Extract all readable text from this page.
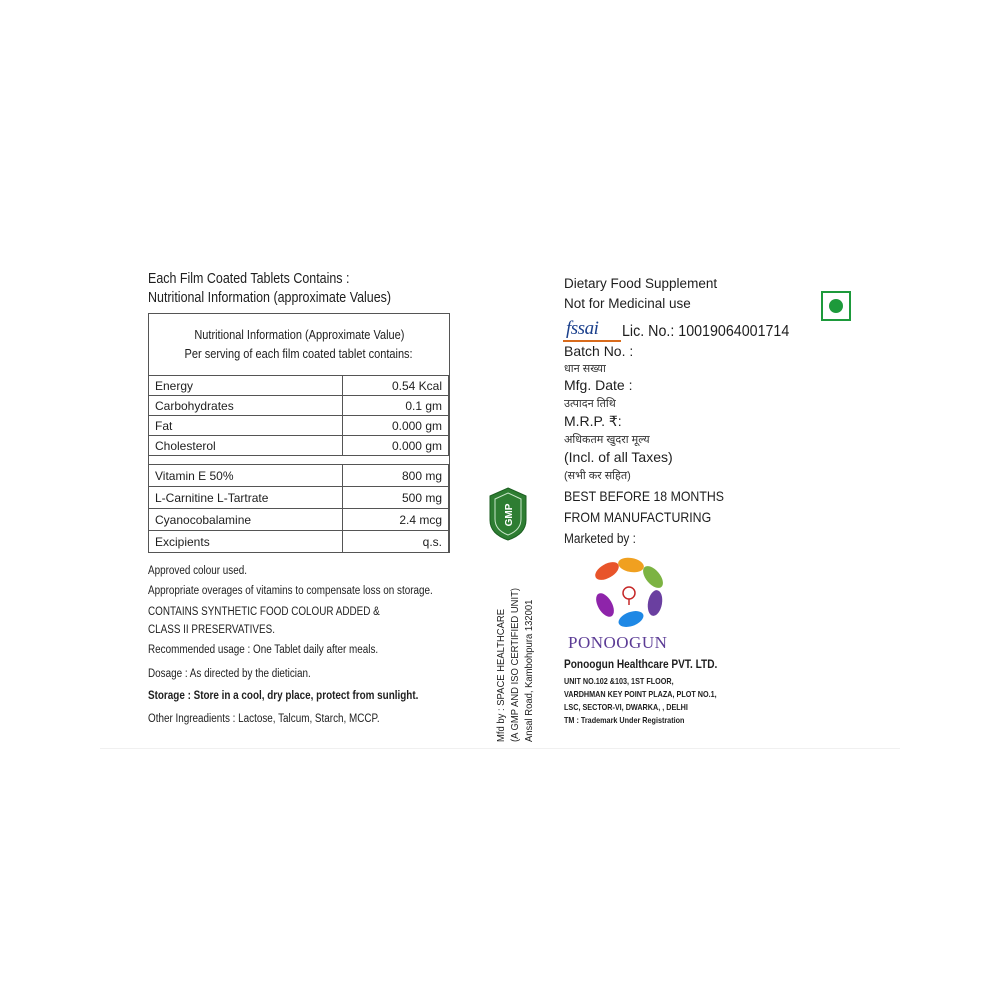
Each Film Coated Tablets Contains :
Nutritional Information (approximate Values)
Nutritional Information (Approximate Value)
Per serving of each film coated tablet contains:
Energy	0.54 Kcal
Carbohydrates	0.1 gm
Fat	0.000 gm
Cholesterol	0.000 gm
Vitamin E 50%	800 mg
L-Carnitine L-Tartrate	500 mg
Cyanocobalamine	2.4 mcg
Excipients	q.s.
Approved colour used.
Appropriate overages of vitamins to compensate loss on storage.
CONTAINS SYNTHETIC FOOD COLOUR ADDED &
CLASS II PRESERVATIVES.
Recommended usage : One Tablet daily after meals.
Dosage : As directed by the dietician.
Storage : Store in a cool, dry place, protect from sunlight.
Other Ingreadients : Lactose, Talcum, Starch, MCCP.
GMP
Mfd by : SPACE HEALTHCARE (A GMP AND ISO CERTIFIED UNIT) Ansal Road, Kambohpura 132001
Dietary Food Supplement
Not for Medicinal use
fssai Lic. No.: 10019064001714
Batch No. :
धान सख्या
Mfg. Date :
उत्पादन तिथि
M.R.P. ₹:
अधिकतम खुदरा मूल्य
(Incl. of all Taxes)
(सभी कर सहित)
BEST BEFORE 18 MONTHS
FROM MANUFACTURING
Marketed by :
PONOOGUN
Ponoogun Healthcare PVT. LTD.
UNIT NO.102 &103, 1ST FLOOR,
VARDHMAN KEY POINT PLAZA, PLOT NO.1,
LSC, SECTOR-VI, DWARKA, , DELHI
TM : Trademark Under Registration
